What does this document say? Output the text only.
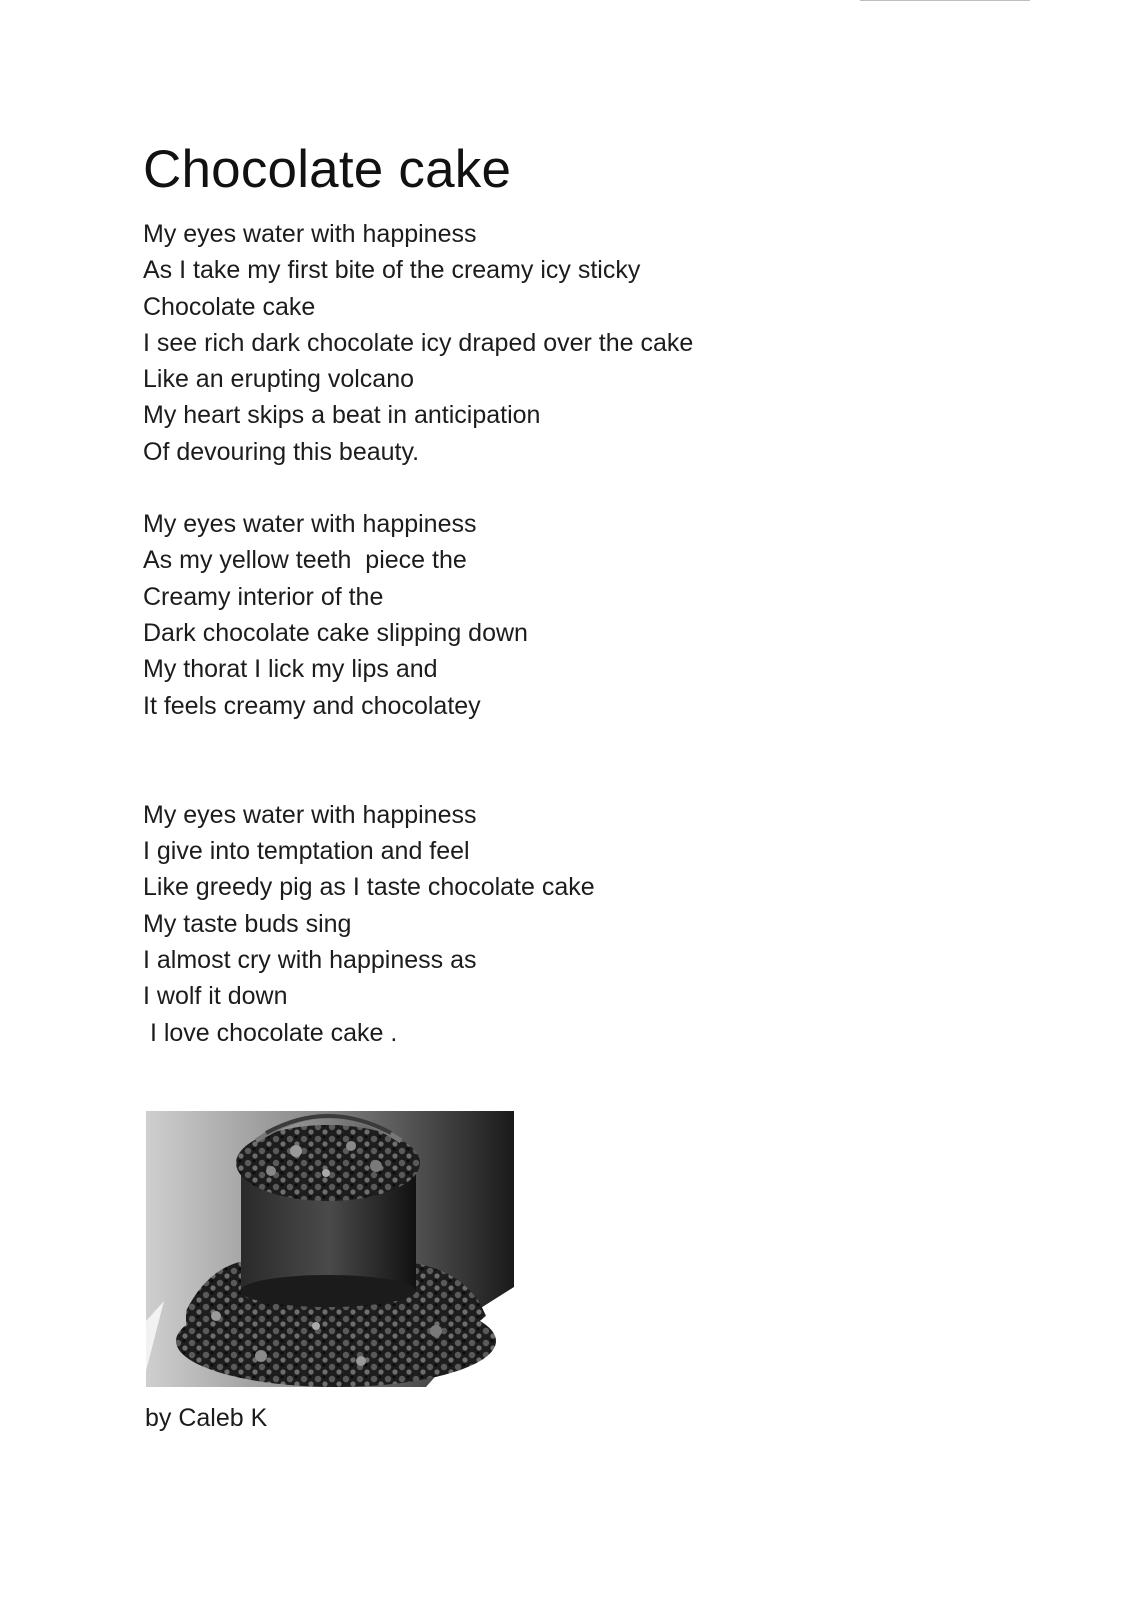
Chocolate cake

My eyes water with happiness
As I take my first bite of the creamy icy sticky
Chocolate cake
I see rich dark chocolate icy draped over the cake
Like an erupting volcano
My heart skips a beat in anticipation
Of devouring this beauty.

My eyes water with happiness
As my yellow teeth  piece the
Creamy interior of the
Dark chocolate cake slipping down
My thorat I lick my lips and
It feels creamy and chocolatey

My eyes water with happiness
I give into temptation and feel
Like greedy pig as I taste chocolate cake
My taste buds sing
I almost cry with happiness as
I wolf it down
I love chocolate cake .

by Caleb K
